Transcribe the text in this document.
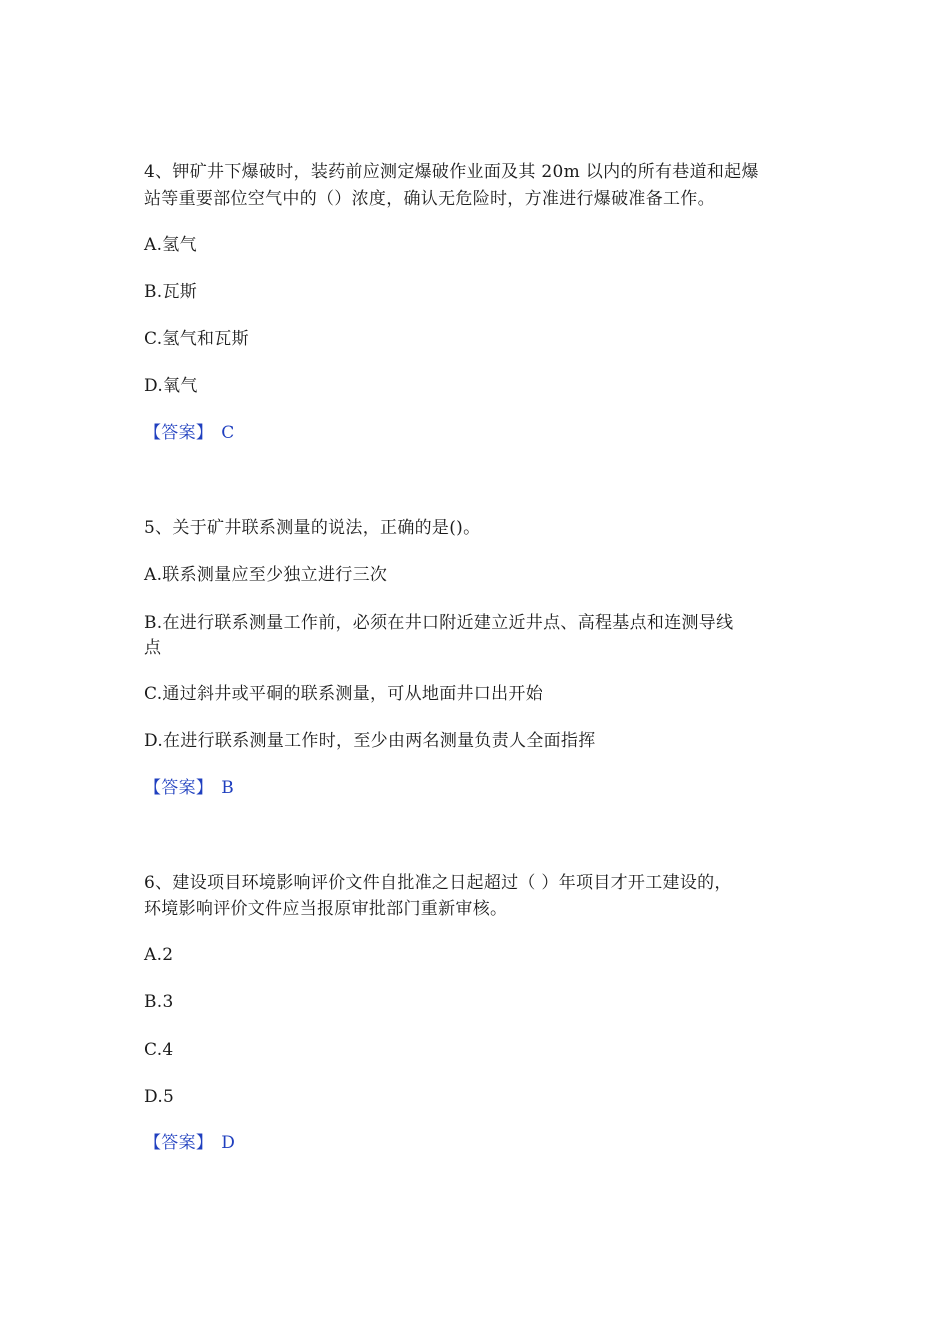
4、钾矿井下爆破时，装药前应测定爆破作业面及其 20m 以内的所有巷道和起爆
站等重要部位空气中的（）浓度，确认无危险时，方准进行爆破准备工作。
A.氢气
B.瓦斯
C.氢气和瓦斯
D.氧气
【答案】 C
5、关于矿井联系测量的说法，正确的是()。
A.联系测量应至少独立进行三次
B.在进行联系测量工作前，必须在井口附近建立近井点、高程基点和连测导线
点
C.通过斜井或平硐的联系测量，可从地面井口出开始
D.在进行联系测量工作时，至少由两名测量负责人全面指挥
【答案】 B
6、建设项目环境影响评价文件自批准之日起超过（ ）年项目才开工建设的，
环境影响评价文件应当报原审批部门重新审核。
A.2
B.3
C.4
D.5
【答案】 D
